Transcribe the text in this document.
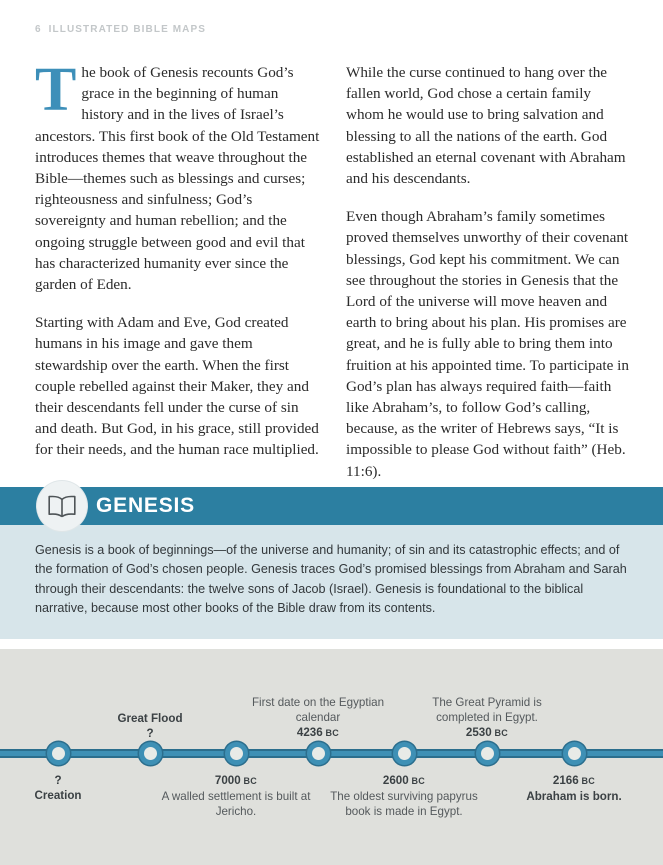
6 ILLUSTRATED BIBLE MAPS

The book of Genesis recounts God’s grace in the beginning of human history and in the lives of Israel’s ancestors. This first book of the Old Testament introduces themes that weave throughout the Bible—themes such as blessings and curses; righteousness and sinfulness; God’s sovereignty and human rebellion; and the ongoing struggle between good and evil that has characterized humanity ever since the garden of Eden.

Starting with Adam and Eve, God created humans in his image and gave them stewardship over the earth. When the first couple rebelled against their Maker, they and their descendants fell under the curse of sin and death. But God, in his grace, still provided for their needs, and the human race multiplied.

While the curse continued to hang over the fallen world, God chose a certain family whom he would use to bring salvation and blessing to all the nations of the earth. God established an eternal covenant with Abraham and his descendants.

Even though Abraham’s family sometimes proved themselves unworthy of their covenant blessings, God kept his commitment. We can see throughout the stories in Genesis that the Lord of the universe will move heaven and earth to bring about his plan. His promises are great, and he is fully able to bring them into fruition at his appointed time. To participate in God’s plan has always required faith—faith like Abraham’s, to follow God’s calling, because, as the writer of Hebrews says, “It is impossible to please God without faith” (Heb. 11:6).

GENESIS

Genesis is a book of beginnings—of the universe and humanity; of sin and its catastrophic effects; and of the formation of God’s chosen people. Genesis traces God’s promised blessings from Abraham and Sarah through their descendants: the twelve sons of Jacob (Israel). Genesis is foundational to the biblical narrative, because most other books of the Bible draw from its contents.

?
Creation
Great Flood
?
7000 BC
A walled settlement is built at Jericho.
First date on the Egyptian calendar
4236 BC
2600 BC
The oldest surviving papyrus book is made in Egypt.
The Great Pyramid is completed in Egypt.
2530 BC
2166 BC
Abraham is born.
